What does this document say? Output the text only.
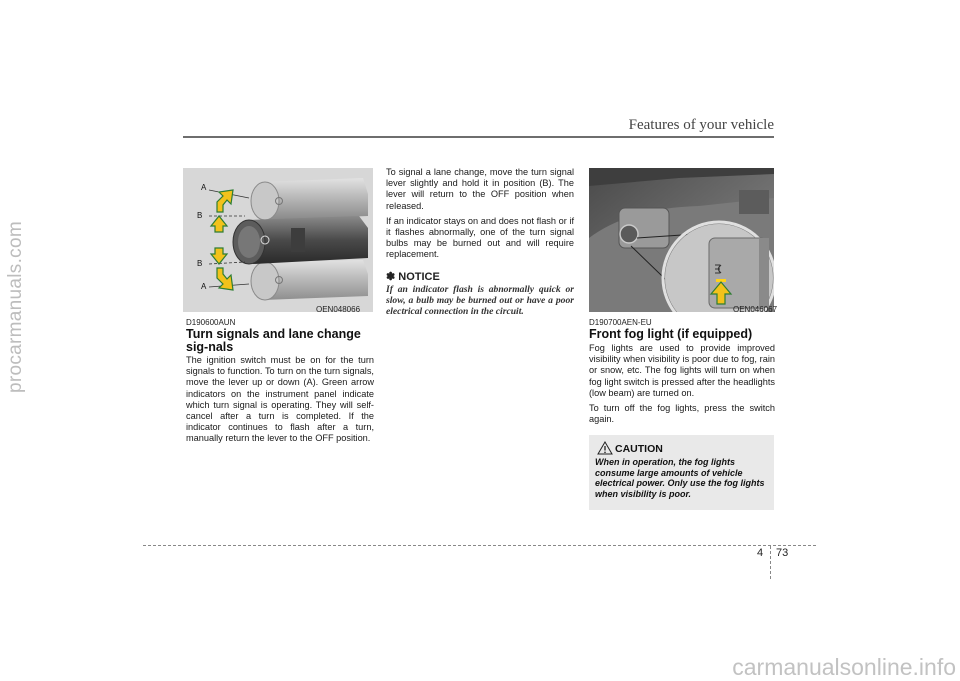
Features of your vehicle
procarmanuals.com
carmanualsonline.info
A
B
B
A
OEN048066
D190600AUN
Turn signals and lane change sig-nals

The ignition switch must be on for the turn signals to function. To turn on the turn signals, move the lever up or down (A). Green arrow indicators on the instrument panel indicate which turn signal is operating. They will self-cancel after a turn is completed. If the indicator continues to flash after a turn, manually return the lever to the OFF position.

To signal a lane change, move the turn signal lever slightly and hold it in position (B). The lever will return to the OFF position when released.

If an indicator stays on and does not flash or if it flashes abnormally, one of the turn signal bulbs may be burned out and will require replacement.

✽ NOTICE
If an indicator flash is abnormally quick or slow, a bulb may be burned out or have a poor electrical connection in the circuit.	OEN046067
D190700AEN-EU
Front fog light (if equipped)

Fog lights are used to provide improved visibility when visibility is poor due to fog, rain or snow, etc. The fog lights will turn on when fog light switch is pressed after the headlights (low beam) are turned on.

To turn off the fog lights, press the switch again.

CAUTION
When in operation, the fog lights consume large amounts of vehicle electrical power. Only use the fog lights when visibility is poor.
4 73
